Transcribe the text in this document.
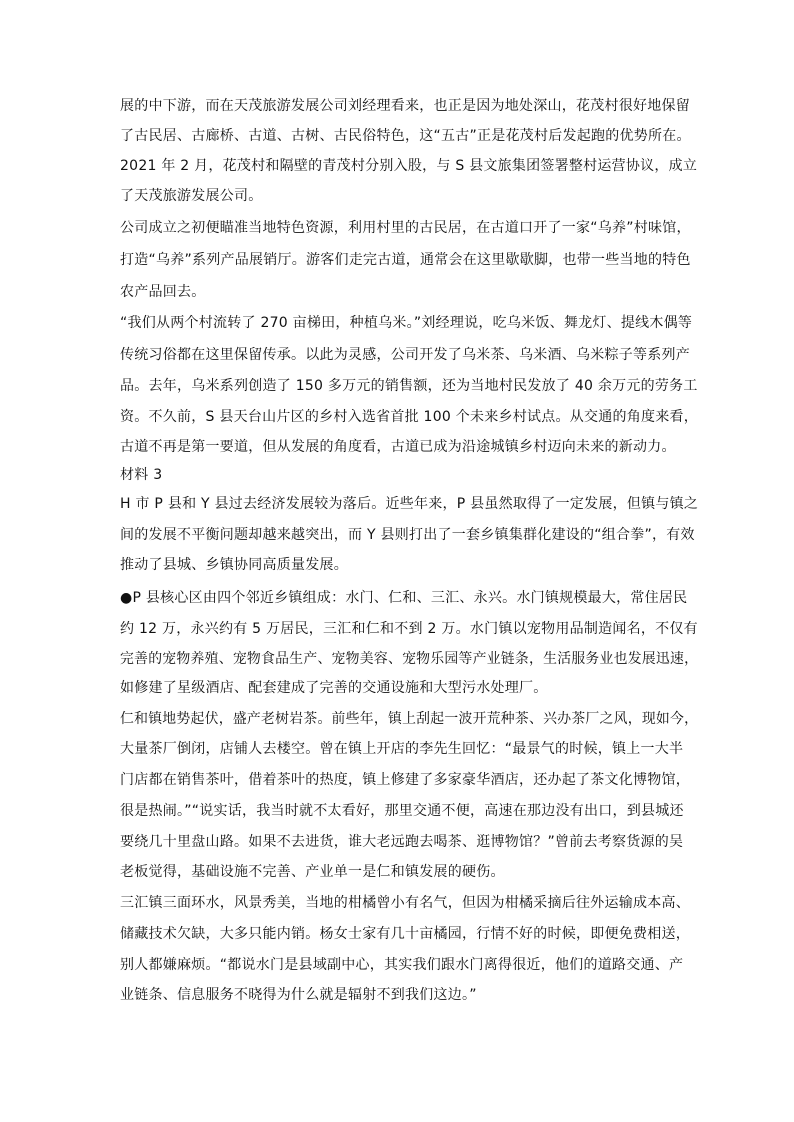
展的中下游，而在天茂旅游发展公司刘经理看来，也正是因为地处深山，花茂村很好地保留
了古民居、古廊桥、古道、古树、古民俗特色，这“五古”正是花茂村后发起跑的优势所在。
2021 年 2 月，花茂村和隔壁的青茂村分别入股，与 S 县文旅集团签署整村运营协议，成立
了天茂旅游发展公司。
公司成立之初便瞄准当地特色资源，利用村里的古民居，在古道口开了一家“乌养”村味馆，
打造“乌养”系列产品展销厅。游客们走完古道，通常会在这里歇歇脚，也带一些当地的特色
农产品回去。
“我们从两个村流转了 270 亩梯田，种植乌米。”刘经理说，吃乌米饭、舞龙灯、提线木偶等
传统习俗都在这里保留传承。以此为灵感，公司开发了乌米茶、乌米酒、乌米粽子等系列产
品。去年，乌米系列创造了 150 多万元的销售额，还为当地村民发放了 40 余万元的劳务工
资。不久前，S 县天台山片区的乡村入选省首批 100 个未来乡村试点。从交通的角度来看，
古道不再是第一要道，但从发展的角度看，古道已成为沿途城镇乡村迈向未来的新动力。
材料 3
H 市 P 县和 Y 县过去经济发展较为落后。近些年来，P 县虽然取得了一定发展，但镇与镇之
间的发展不平衡问题却越来越突出，而 Y 县则打出了一套乡镇集群化建设的“组合拳”，有效
推动了县城、乡镇协同高质量发展。
●P 县核心区由四个邻近乡镇组成：水门、仁和、三汇、永兴。水门镇规模最大，常住居民
约 12 万，永兴约有 5 万居民，三汇和仁和不到 2 万。水门镇以宠物用品制造闻名，不仅有
完善的宠物养殖、宠物食品生产、宠物美容、宠物乐园等产业链条，生活服务业也发展迅速，
如修建了星级酒店、配套建成了完善的交通设施和大型污水处理厂。
仁和镇地势起伏，盛产老树岩茶。前些年，镇上刮起一波开荒种茶、兴办茶厂之风，现如今，
大量茶厂倒闭，店铺人去楼空。曾在镇上开店的李先生回忆：“最景气的时候，镇上一大半
门店都在销售茶叶，借着茶叶的热度，镇上修建了多家豪华酒店，还办起了茶文化博物馆，
很是热闹。”“说实话，我当时就不太看好，那里交通不便，高速在那边没有出口，到县城还
要绕几十里盘山路。如果不去进货，谁大老远跑去喝茶、逛博物馆？”曾前去考察货源的吴
老板觉得，基础设施不完善、产业单一是仁和镇发展的硬伤。
三汇镇三面环水，风景秀美，当地的柑橘曾小有名气，但因为柑橘采摘后往外运输成本高、
储藏技术欠缺，大多只能内销。杨女士家有几十亩橘园，行情不好的时候，即便免费相送，
别人都嫌麻烦。“都说水门是县域副中心，其实我们跟水门离得很近，他们的道路交通、产
业链条、信息服务不晓得为什么就是辐射不到我们这边。”
